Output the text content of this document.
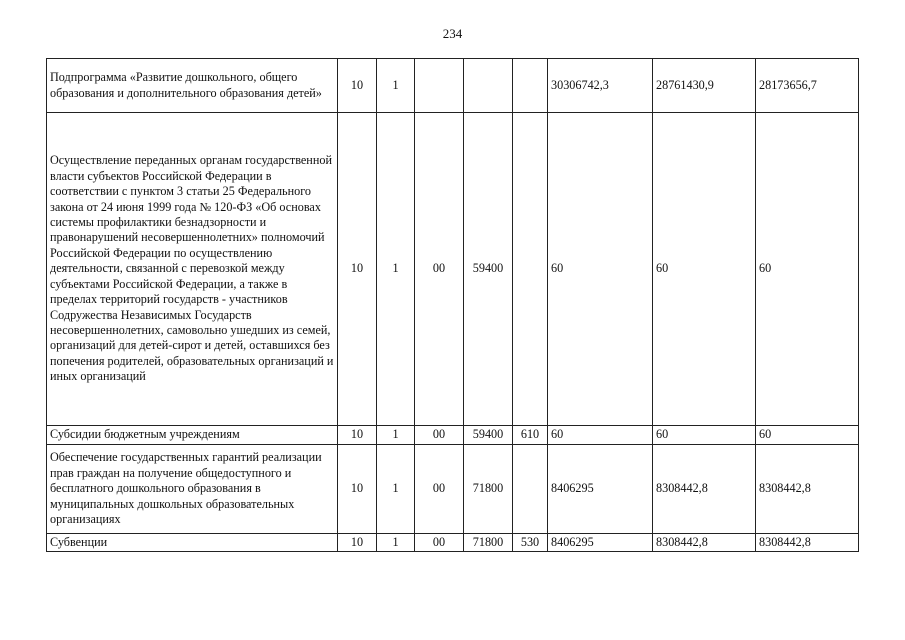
234
Подпрограмма «Развитие дошкольного, общего образования и дополнительного образования детей»	10	1				30306742,3	28761430,9	28173656,7
Осуществление переданных органам государственной власти субъектов Российской Федерации в соответствии с пунктом 3 статьи 25 Федерального закона от 24 июня 1999 года № 120-ФЗ «Об основах системы профилактики безнадзорности и правонарушений несовершеннолетних» полномочий Российской Федерации по осуществлению деятельности, связанной с перевозкой между субъектами Российской Федерации, а также в пределах территорий государств - участников Содружества Независимых Государств несовершеннолетних, самовольно ушедших из семей, организаций для детей-сирот и детей, оставшихся без попечения родителей, образовательных организаций и иных организаций	10	1	00	59400		60	60	60
Субсидии бюджетным учреждениям	10	1	00	59400	610	60	60	60
Обеспечение государственных гарантий реализации прав граждан на получение общедоступного и бесплатного дошкольного образования в муниципальных дошкольных образовательных организациях	10	1	00	71800		8406295	8308442,8	8308442,8
Субвенции	10	1	00	71800	530	8406295	8308442,8	8308442,8
